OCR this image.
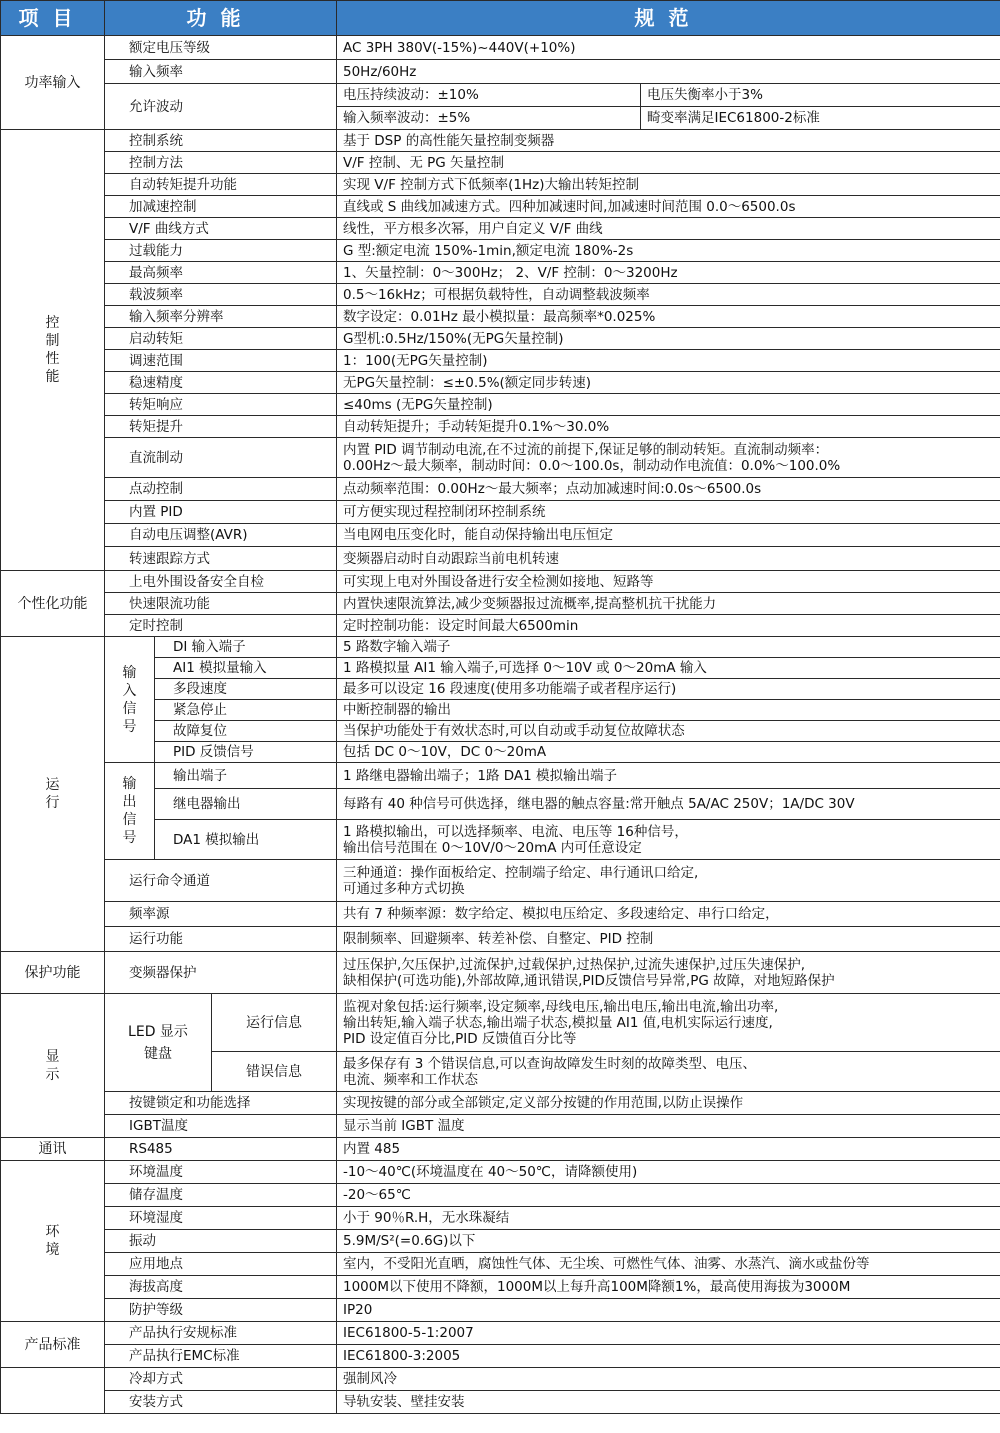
项目	功能			规范	
功率输入	额定电压等级			AC 3PH 380V(-15%)~440V(+10%)	
	输入频率			50Hz/60Hz	
	允许波动			电压持续波动：±10%	电压失衡率小于3%
				输入频率波动：±5%	畸变率满足IEC61800-2标准
控
制
性
能	控制系统			基于 DSP 的高性能矢量控制变频器	
	控制方法			V/F 控制、无 PG 矢量控制	
	自动转矩提升功能			实现 V/F 控制方式下低频率(1Hz)大输出转矩控制	
	加减速控制			直线或 S 曲线加减速方式。四种加减速时间,加减速时间范围 0.0～6500.0s	
	V/F 曲线方式			线性，平方根多次幂，用户自定义 V/F 曲线	
	过载能力			G 型:额定电流 150%-1min,额定电流 180%-2s	
	最高频率			1、矢量控制：0～300Hz； 2、V/F 控制：0～3200Hz	
	载波频率			0.5～16kHz；可根据负载特性，自动调整载波频率	
	输入频率分辨率			数字设定：0.01Hz 最小模拟量：最高频率*0.025%	
	启动转矩			G型机:0.5Hz/150%(无PG矢量控制)	
	调速范围			1：100(无PG矢量控制)	
	稳速精度			无PG矢量控制：≤±0.5%(额定同步转速)	
	转矩响应			≤40ms (无PG矢量控制)	
	转矩提升			自动转矩提升；手动转矩提升0.1%～30.0%	
	直流制动			内置 PID 调节制动电流,在不过流的前提下,保证足够的制动转矩。直流制动频率：
0.00Hz～最大频率，制动时间：0.0～100.0s，制动动作电流值：0.0%～100.0%	
	点动控制			点动频率范围：0.00Hz～最大频率；点动加减速时间:0.0s～6500.0s	
	内置 PID			可方便实现过程控制闭环控制系统	
	自动电压调整(AVR)			当电网电压变化时，能自动保持输出电压恒定	
	转速跟踪方式			变频器启动时自动跟踪当前电机转速	
个性化功能	上电外围设备安全自检			可实现上电对外围设备进行安全检测如接地、短路等	
	快速限流功能			内置快速限流算法,减少变频器报过流概率,提高整机抗干扰能力	
	定时控制			定时控制功能：设定时间最大6500min	
运
行	输
入
信
号	DI 输入端子		5 路数字输入端子	
		AI1 模拟量输入		1 路模拟量 AI1 输入端子,可选择 0～10V 或 0～20mA 输入	
		多段速度		最多可以设定 16 段速度(使用多功能端子或者程序运行)	
		紧急停止		中断控制器的输出	
		故障复位		当保护功能处于有效状态时,可以自动或手动复位故障状态	
		PID 反馈信号		包括 DC 0～10V，DC 0～20mA	
	输
出
信
号	输出端子		1 路继电器输出端子；1路 DA1 模拟输出端子	
		继电器输出		每路有 40 种信号可供选择，继电器的触点容量:常开触点 5A/AC 250V；1A/DC 30V	
		DA1 模拟输出		1 路模拟输出，可以选择频率、电流、电压等 16种信号，
输出信号范围在 0～10V/0～20mA 内可任意设定	
	运行命令通道			三种通道：操作面板给定、控制端子给定、串行通讯口给定,
可通过多种方式切换	
	频率源			共有 7 种频率源：数字给定、模拟电压给定、多段速给定、串行口给定，	
	运行功能			限制频率、回避频率、转差补偿、自整定、PID 控制	
保护功能	变频器保护			过压保护,欠压保护,过流保护,过载保护,过热保护,过流失速保护,过压失速保护,
缺相保护(可选功能),外部故障,通讯错误,PID反馈信号异常,PG 故障，对地短路保护	
显
示	LED 显示
键盘		运行信息	监视对象包括:运行频率,设定频率,母线电压,输出电压,输出电流,输出功率,
输出转矩,输入端子状态,输出端子状态,模拟量 AI1 值,电机实际运行速度,
PID 设定值百分比,PID 反馈值百分比等	
			错误信息	最多保存有 3 个错误信息,可以查询故障发生时刻的故障类型、电压、
电流、频率和工作状态	
	按键锁定和功能选择			实现按键的部分或全部锁定,定义部分按键的作用范围,以防止误操作	
	IGBT温度			显示当前 IGBT 温度	
通讯	RS485			内置 485	
环
境	环境温度			-10～40℃(环境温度在 40～50℃，请降额使用)	
	储存温度			-20～65℃	
	环境湿度			小于 90％R.H，无水珠凝结	
	振动			5.9M/S²(=0.6G)以下	
	应用地点			室内，不受阳光直晒，腐蚀性气体、无尘埃、可燃性气体、油雾、水蒸汽、滴水或盐份等	
	海拔高度			1000M以下使用不降额，1000M以上每升高100M降额1%，最高使用海拔为3000M	
	防护等级			IP20	
产品标准	产品执行安规标准			IEC61800-5-1:2007	
	产品执行EMC标准			IEC61800-3:2005	
	冷却方式			强制风冷	
	安装方式			导轨安装、壁挂安装	
